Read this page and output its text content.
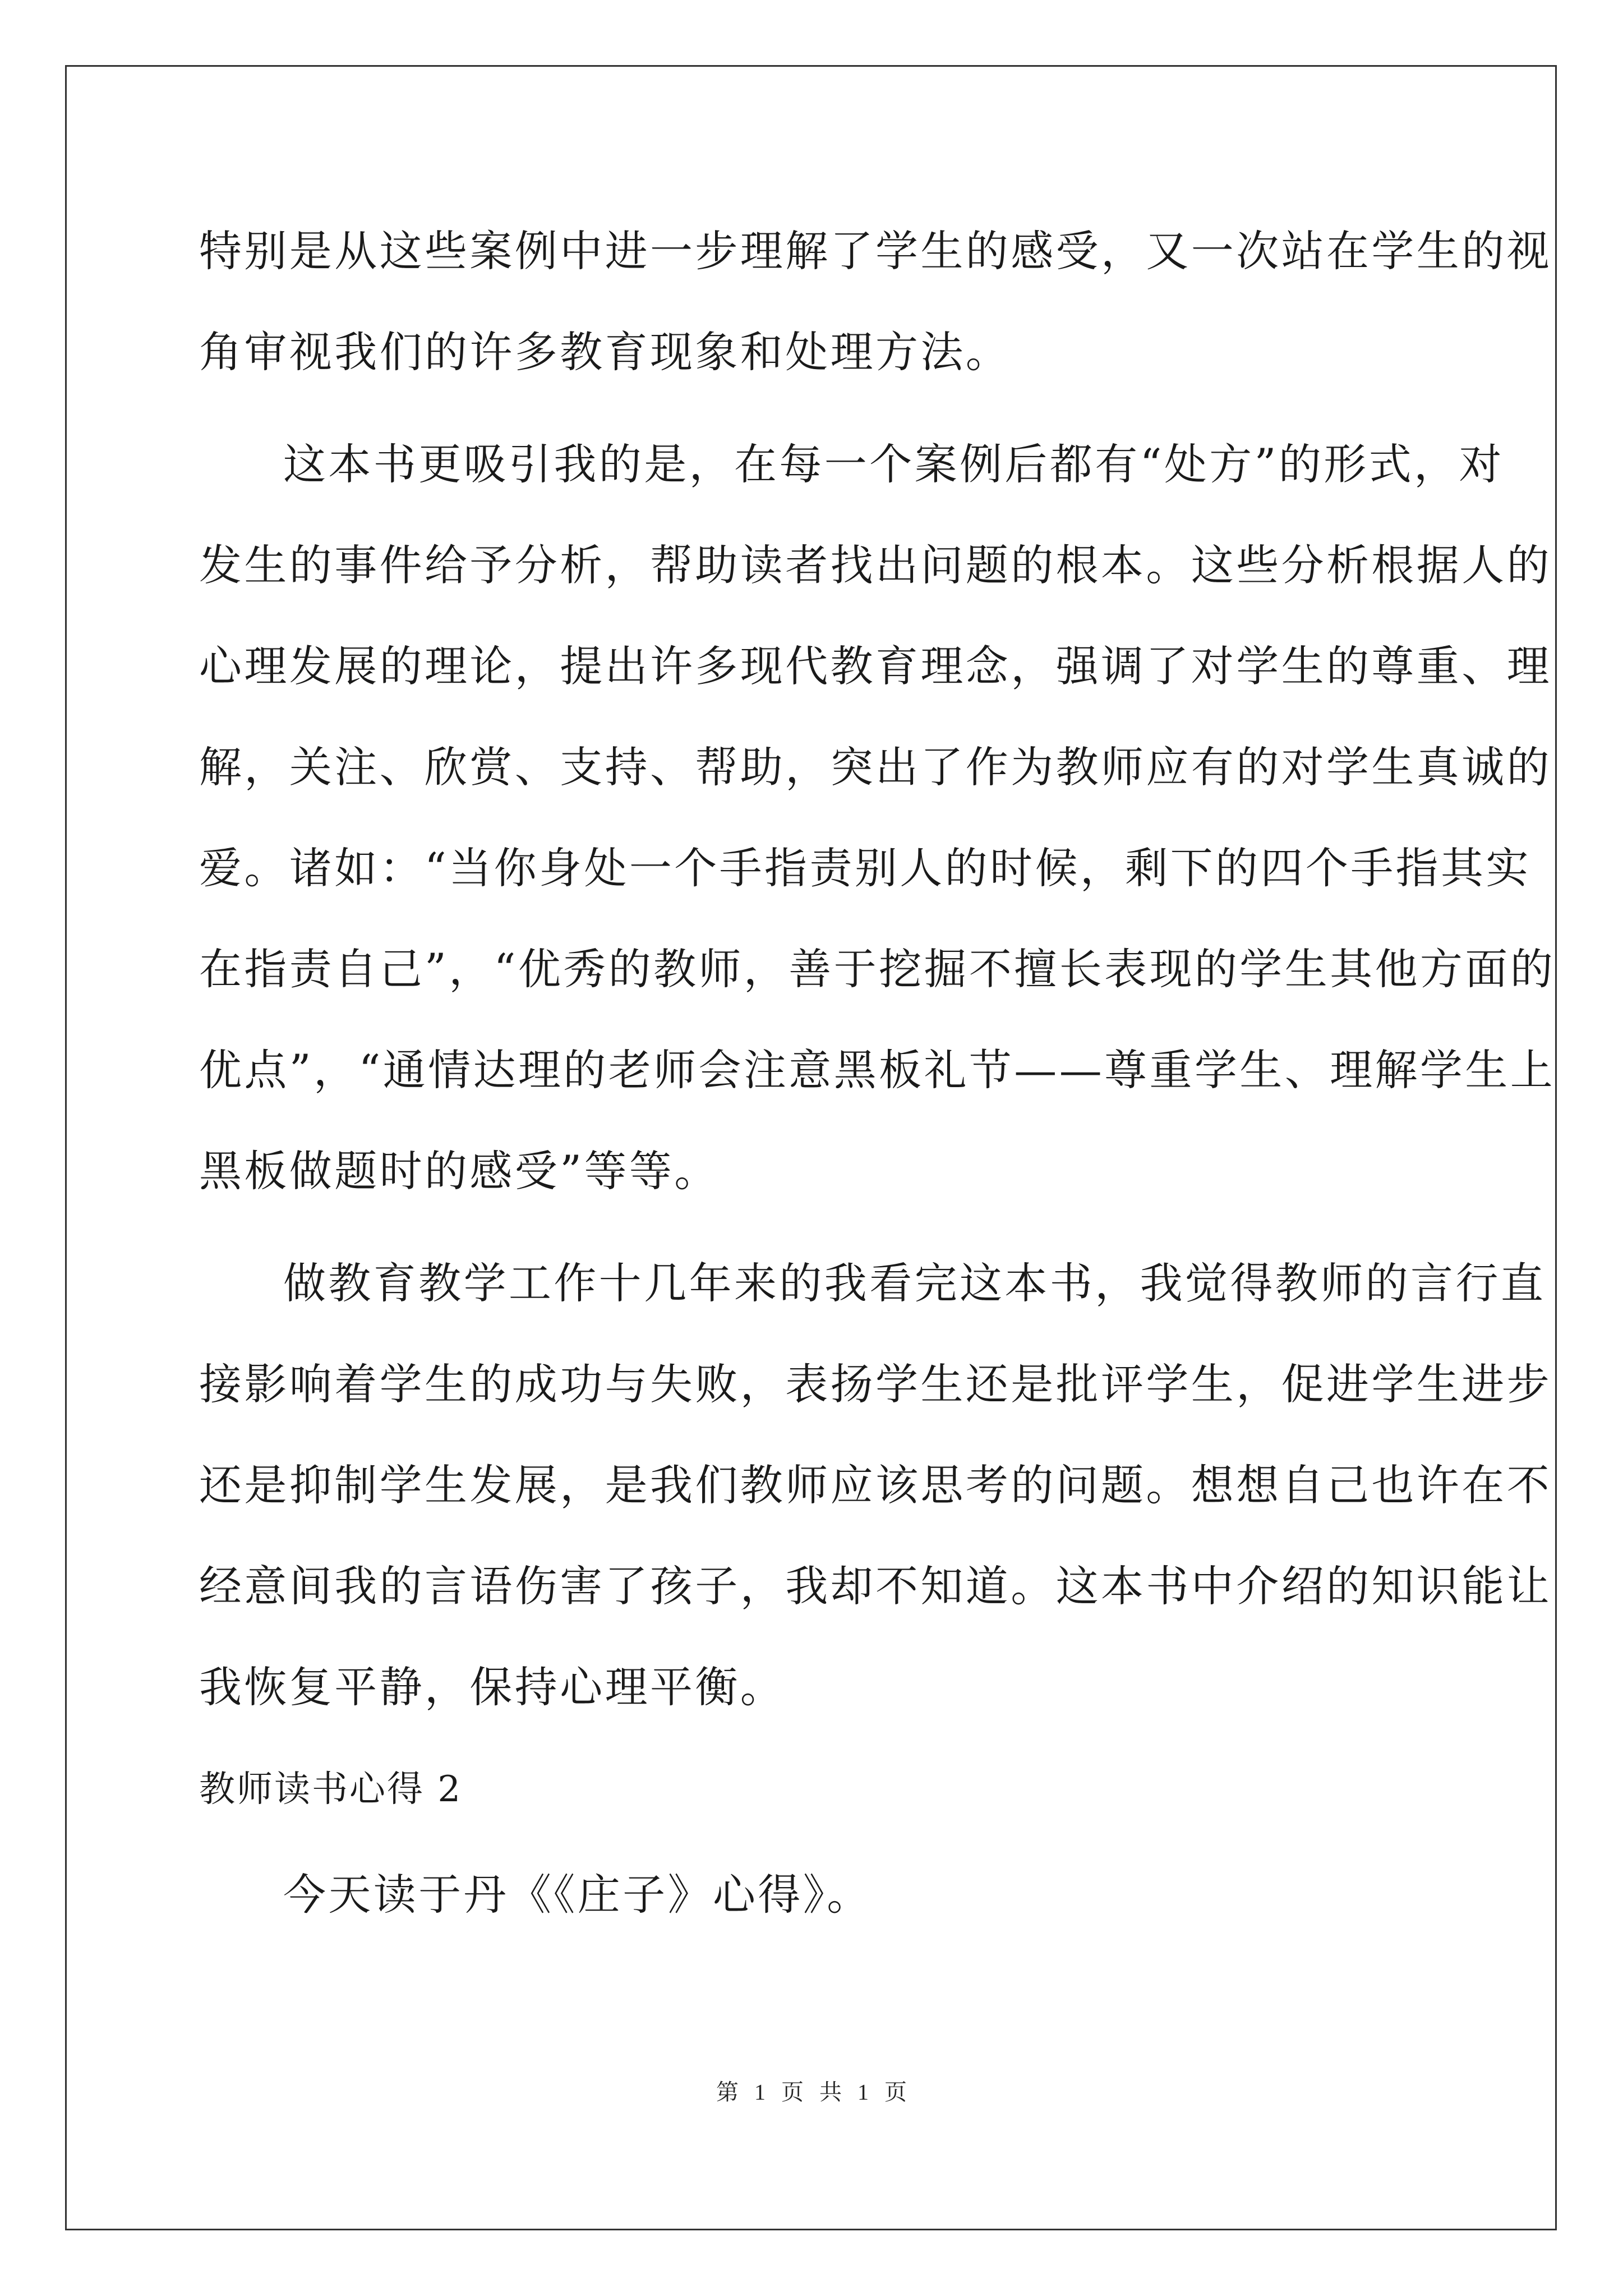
特别是从这些案例中进一步理解了学生的感受，又一次站在学生的视
角审视我们的许多教育现象和处理方法。
这本书更吸引我的是，在每一个案例后都有“处方”的形式，对
发生的事件给予分析，帮助读者找出问题的根本。这些分析根据人的
心理发展的理论，提出许多现代教育理念，强调了对学生的尊重、理
解，关注、欣赏、支持、帮助，突出了作为教师应有的对学生真诚的
爱。诸如：“当你身处一个手指责别人的时候，剩下的四个手指其实
在指责自己”，“优秀的教师，善于挖掘不擅长表现的学生其他方面的
优点”，“通情达理的老师会注意黑板礼节——尊重学生、理解学生上
黑板做题时的感受”等等。
做教育教学工作十几年来的我看完这本书，我觉得教师的言行直
接影响着学生的成功与失败，表扬学生还是批评学生，促进学生进步
还是抑制学生发展，是我们教师应该思考的问题。想想自己也许在不
经意间我的言语伤害了孩子，我却不知道。这本书中介绍的知识能让
我恢复平静，保持心理平衡。
教师读书心得 2
今天读于丹《《庄子》心得》。
第 1 页 共 1 页
